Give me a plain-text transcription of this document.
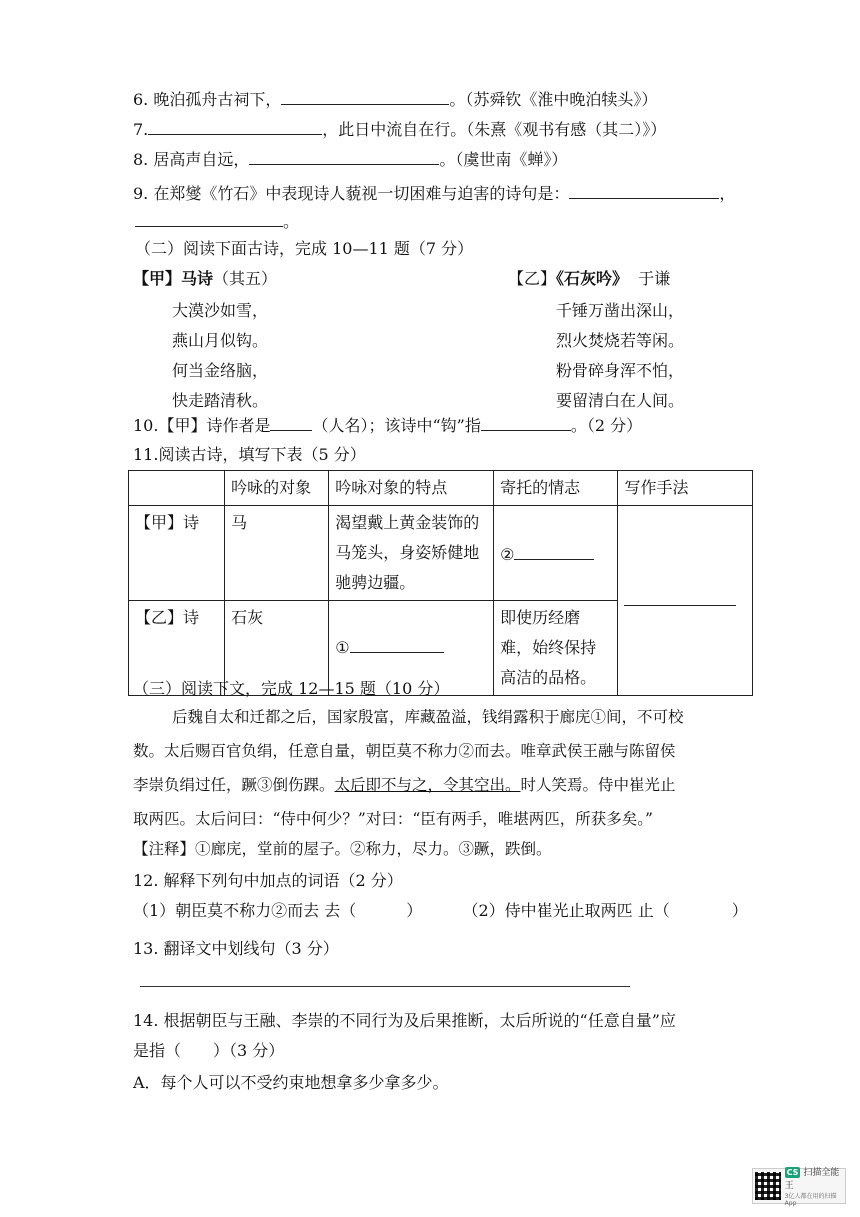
6. 晚泊孤舟古祠下，	。（苏舜钦《淮中晚泊犊头》）
7.	，此日中流自在行。（朱熹《观书有感（其二）》）
8. 居高声自远，	。（虞世南《蝉》）
9. 在郑燮《竹石》中表现诗人藐视一切困难与迫害的诗句是：	，
。
（二）阅读下面古诗，完成 10—11 题（7 分）
【甲】马诗（其五）
大漠沙如雪，
燕山月似钩。
何当金络脑，
快走踏清秋。
【乙】《石灰吟》 于谦
千锤万凿出深山，
烈火焚烧若等闲。
粉骨碎身浑不怕，
要留清白在人间。
10.【甲】诗作者是	（人名）；该诗中“钩”指	。（2 分）
11.阅读古诗，填写下表（5 分）
	吟咏的对象	吟咏对象的特点	寄托的情志	写作手法
【甲】诗	马	渴望戴上黄金装饰的马笼头，身姿矫健地驰骋边疆。	②	
【乙】诗	石灰	①	即使历经磨难，始终保持高洁的品格。	
（三）阅读下文，完成 12—15 题（10 分）
后魏自太和迁都之后，国家殷富，库藏盈溢，钱绢露积于廊庑①间，不可校
数。太后赐百官负绢，任意自量，朝臣莫不称力②而去。唯章武侯王融与陈留侯
李崇负绢过任，蹶③倒伤踝。太后即不与之，令其空出。时人笑焉。侍中崔光止
取两匹。太后问曰：“侍中何少？”对曰：“臣有两手，唯堪两匹，所获多矣。”
【注释】①廊庑，堂前的屋子。②称力，尽力。③蹶，跌倒。
12. 解释下列句中加点的词语（2 分）
（1）朝臣莫不称力②而去 去（	）	（2）侍中崔光止取两匹 止（	）
13. 翻译文中划线句（3 分）
14. 根据朝臣与王融、李崇的不同行为及后果推断，太后所说的“任意自量”应
是指（　　）（3 分）
A．每个人可以不受约束地想拿多少拿多少。
CS 扫描全能王
3亿人都在用的扫描App
